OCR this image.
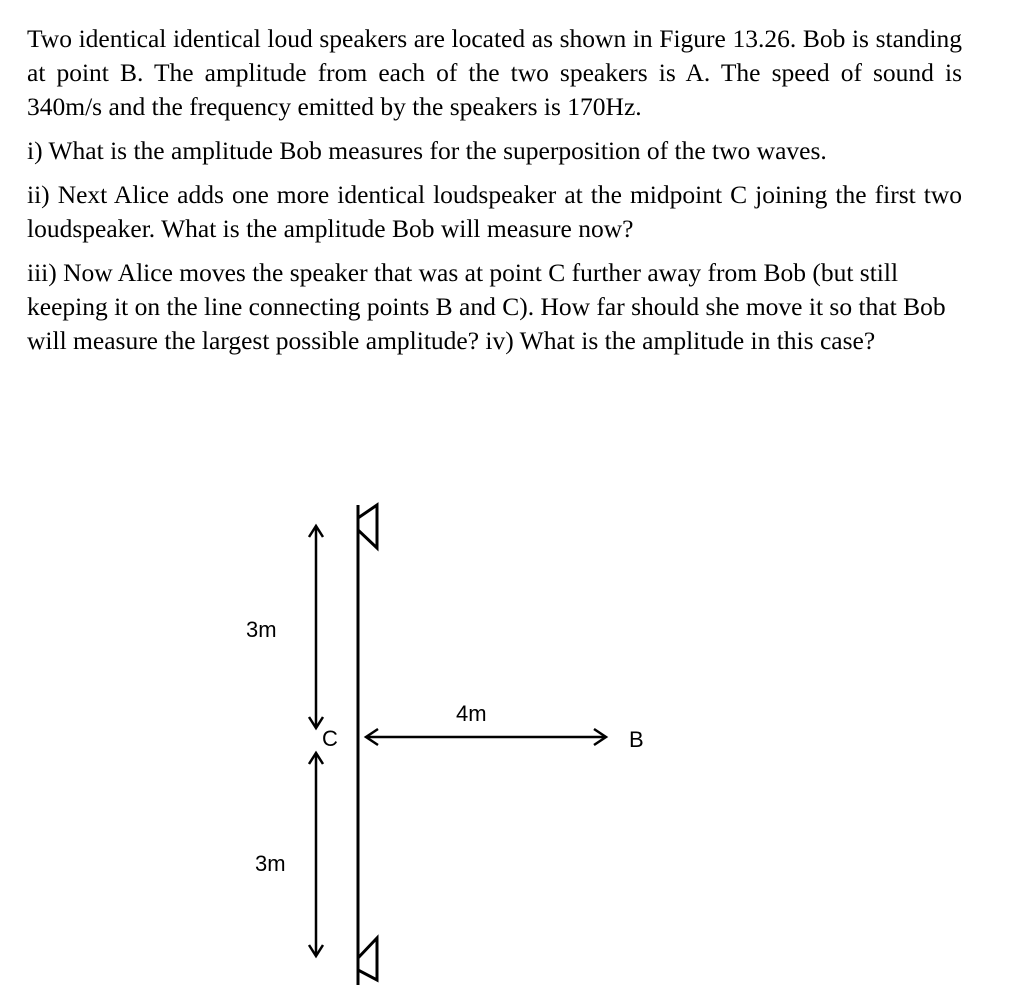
Two identical identical loud speakers are located as shown in Figure 13.26. Bob is standing at point B. The amplitude from each of the two speakers is A. The speed of sound is 340m/s and the frequency emitted by the speakers is 170Hz.

i) What is the amplitude Bob measures for the superposition of the two waves.

ii) Next Alice adds one more identical loudspeaker at the midpoint C joining the first two loudspeaker. What is the amplitude Bob will measure now?

iii) Now Alice moves the speaker that was at point C further away from Bob (but still keeping it on the line connecting points B and C). How far should she move it so that Bob will measure the largest possible amplitude? iv) What is the amplitude in this case?

3m
3m
4m
C	B
